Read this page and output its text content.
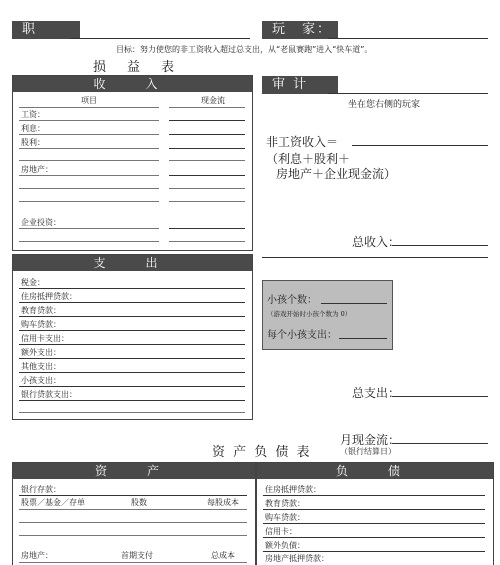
职　业：
玩　家：
目标：努力使您的非工资收入超过总支出，从“老鼠赛跑”进入“快车道”。
损　益　表
收　入
项目	现金流
工资：
利息：
股利：
房地产：
企业投资：
审 计 师：	坐在您右侧的玩家
非工资收入＝
（利息＋股利＋
房地产＋企业现金流）
总收入：
支　出
税金：
住房抵押贷款：
教育贷款：
购车贷款：
信用卡支出：
额外支出：
其他支出：
小孩支出：
银行贷款支出：
小孩个数：
（游戏开始时小孩个数为 0）
每个小孩支出：
总支出：
月现金流：
（银行结算日）
资 产 负 债 表
资　产
银行存款：
股票／基金／存单	股数	每股成本
房地产：	首期支付	总成本
负　债
住房抵押贷款：
教育贷款：
购车贷款：
信用卡：
额外负债：
房地产抵押贷款：
